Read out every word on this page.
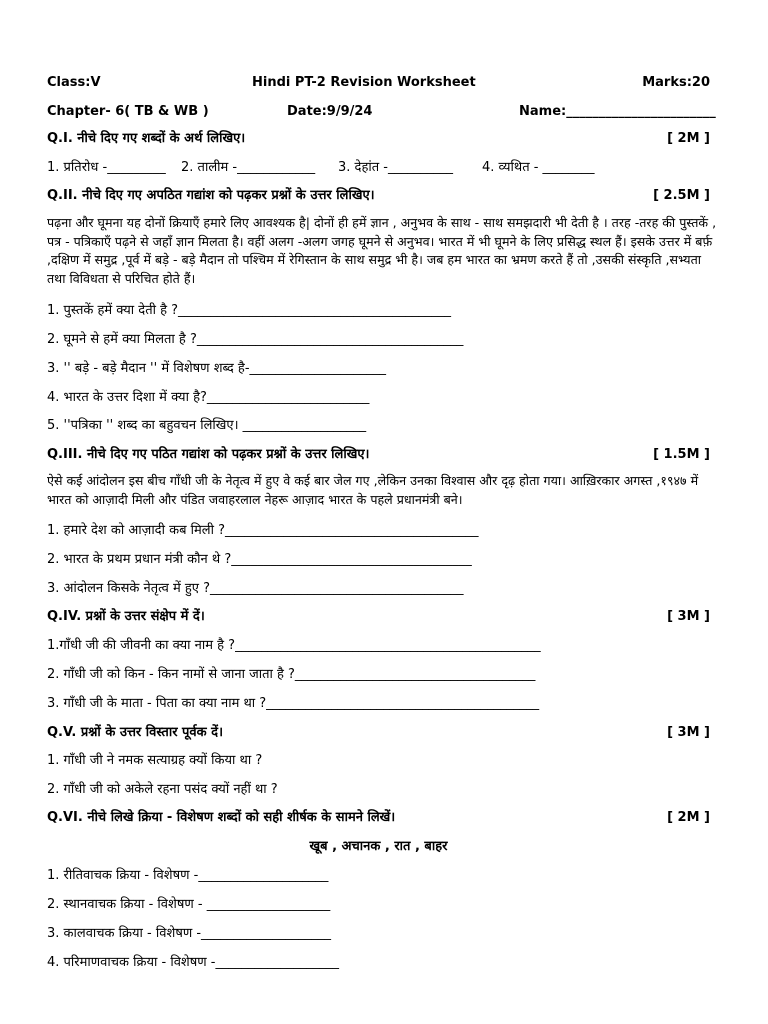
Class:V	Hindi PT-2 Revision Worksheet	Marks:20
Chapter- 6( TB & WB )	Date:9/9/24	Name:_______________________
Q.I. नीचे दिए गए शब्दों के अर्थ लिखिए।	[ 2M ]
1. प्रतिरोध -_________ 2. तालीम -____________ 3. देहांत -__________ 4. व्यथित - ________
Q.II. नीचे दिए गए अपठित गद्यांश को पढ़कर प्रश्नों के उत्तर लिखिए।	[ 2.5M ]
पढ़ना और घूमना यह दोनों क्रियाएँ हमारे लिए आवश्यक है| दोनों ही हमें ज्ञान , अनुभव के साथ - साथ समझदारी भी देती है । तरह -तरह की पुस्तकें , पत्र - पत्रिकाएँ पढ़ने से जहाँ ज्ञान मिलता है। वहीं अलग -अलग जगह घूमने से अनुभव। भारत में भी घूमने के लिए प्रसिद्ध स्थल हैं। इसके उत्तर में बर्फ़ ,दक्षिण में समुद्र ,पूर्व में बड़े - बड़े मैदान तो पश्चिम में रेगिस्तान के साथ समुद्र भी है। जब हम भारत का भ्रमण करते हैं तो ,उसकी संस्कृति ,सभ्यता तथा विविधता से परिचित होते हैं।
1. पुस्तकें हमें क्या देती है ?__________________________________________
2. घूमने से हमें क्या मिलता है ?_________________________________________
3. '' बड़े - बड़े मैदान '' में विशेषण शब्द है-_____________________
4. भारत के उत्तर दिशा में क्या है?_________________________
5. ''पत्रिका '' शब्द का बहुवचन लिखिए। ___________________
Q.III. नीचे दिए गए पठित गद्यांश को पढ़कर प्रश्नों के उत्तर लिखिए।	[ 1.5M ]
ऐसे कई आंदोलन इस बीच गाँधी जी के नेतृत्व में हुए वे कई बार जेल गए ,लेकिन उनका विश्वास और दृढ़ होता गया। आख़िरकार अगस्त ,१९४७ में भारत को आज़ादी मिली और पंडित जवाहरलाल नेहरू आज़ाद भारत के पहले प्रधानमंत्री बने।
1. हमारे देश को आज़ादी कब मिली ?_______________________________________
2. भारत के प्रथम प्रधान मंत्री कौन थे ?_____________________________________
3. आंदोलन किसके नेतृत्व में हुए ?_______________________________________
Q.IV. प्रश्नों के उत्तर संक्षेप में दें।	[ 3M ]
1.गाँधी जी की जीवनी का क्या नाम है ?_______________________________________________
2. गाँधी जी को किन - किन नामों से जाना जाता है ?_____________________________________
3. गाँधी जी के माता - पिता का क्या नाम था ?__________________________________________
Q.V. प्रश्नों के उत्तर विस्तार पूर्वक दें।	[ 3M ]
1. गाँधी जी ने नमक सत्याग्रह क्यों किया था ?
2. गाँधी जी को अकेले रहना पसंद क्यों नहीं था ?
Q.VI. नीचे लिखे क्रिया - विशेषण शब्दों को सही शीर्षक के सामने लिखें।	[ 2M ]
खूब , अचानक , रात , बाहर
1. रीतिवाचक क्रिया - विशेषण -____________________
2. स्थानवाचक क्रिया - विशेषण - ___________________
3. कालवाचक क्रिया - विशेषण -____________________
4. परिमाणवाचक क्रिया - विशेषण -___________________
